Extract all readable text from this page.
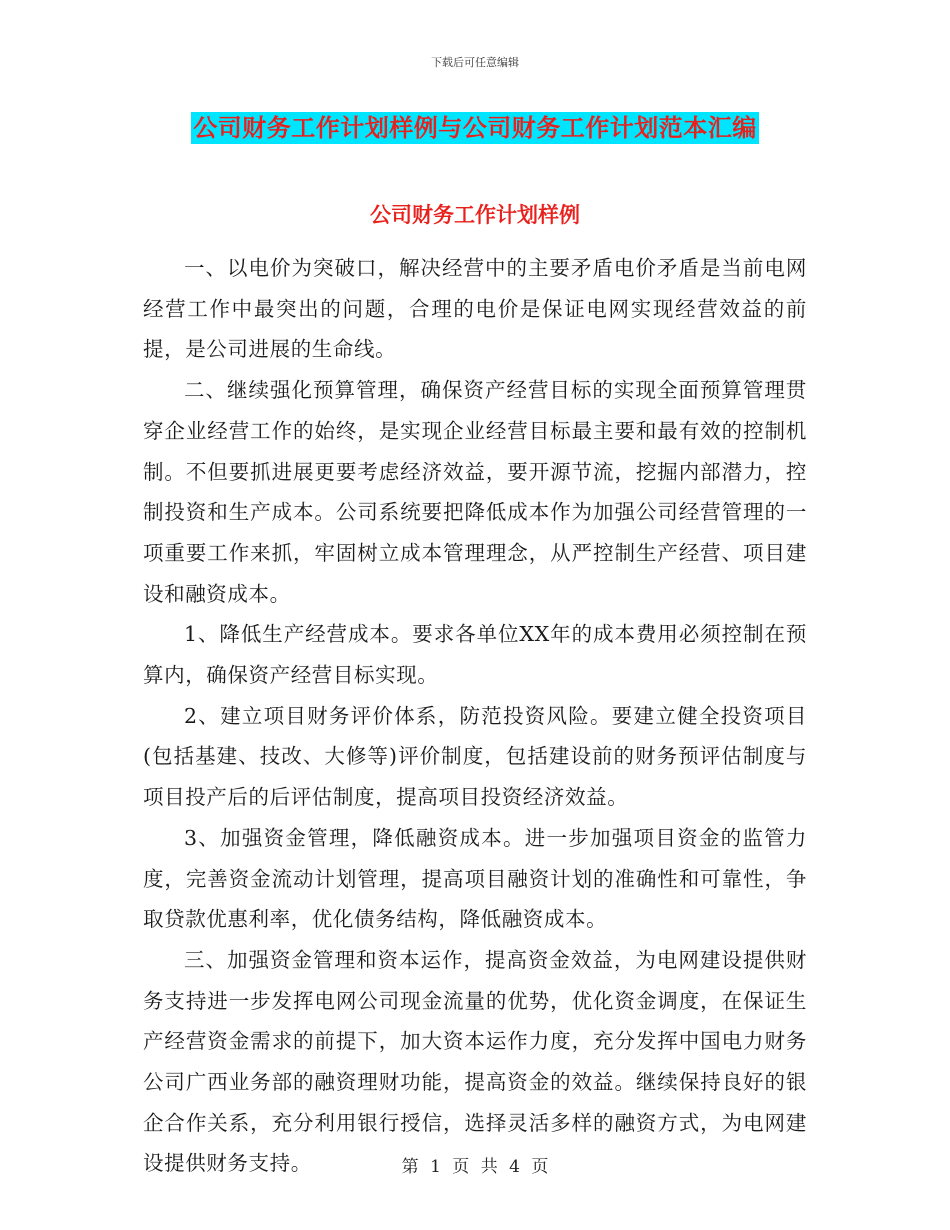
下载后可任意编辑
公司财务工作计划样例与公司财务工作计划范本汇编
公司财务工作计划样例

一、以电价为突破口，解决经营中的主要矛盾电价矛盾是当前电网经营工作中最突出的问题，合理的电价是保证电网实现经营效益的前提，是公司进展的生命线。

二、继续强化预算管理，确保资产经营目标的实现全面预算管理贯穿企业经营工作的始终，是实现企业经营目标最主要和最有效的控制机制。不但要抓进展更要考虑经济效益，要开源节流，挖掘内部潜力，控制投资和生产成本。公司系统要把降低成本作为加强公司经营管理的一项重要工作来抓，牢固树立成本管理理念，从严控制生产经营、项目建设和融资成本。

1、降低生产经营成本。要求各单位XX年的成本费用必须控制在预算内，确保资产经营目标实现。

2、建立项目财务评价体系，防范投资风险。要建立健全投资项目(包括基建、技改、大修等)评价制度，包括建设前的财务预评估制度与项目投产后的后评估制度，提高项目投资经济效益。

3、加强资金管理，降低融资成本。进一步加强项目资金的监管力度，完善资金流动计划管理，提高项目融资计划的准确性和可靠性，争取贷款优惠利率，优化债务结构，降低融资成本。

三、加强资金管理和资本运作，提高资金效益，为电网建设提供财务支持进一步发挥电网公司现金流量的优势，优化资金调度，在保证生产经营资金需求的前提下，加大资本运作力度，充分发挥中国电力财务公司广西业务部的融资理财功能，提高资金的效益。继续保持良好的银企合作关系，充分利用银行授信，选择灵活多样的融资方式，为电网建设提供财务支持。	第 1 页 共 4 页
